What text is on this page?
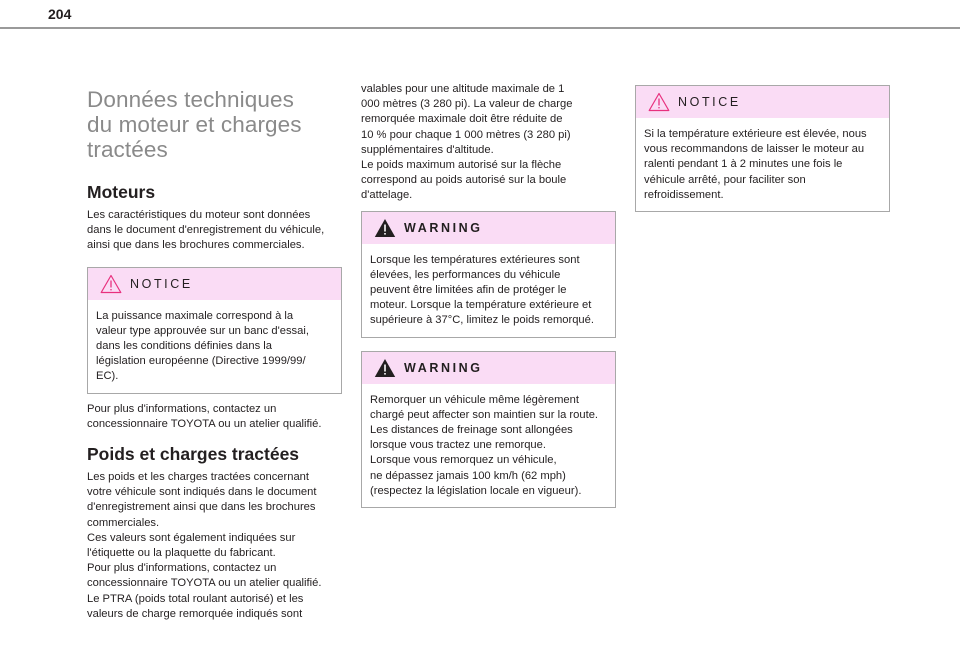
204
Données techniques
du moteur et charges
tractées
Moteurs

Les caractéristiques du moteur sont données
dans le document d'enregistrement du véhicule,
ainsi que dans les brochures commerciales.

NOTICE

La puissance maximale correspond à la
valeur type approuvée sur un banc d'essai,
dans les conditions définies dans la
législation européenne (Directive 1999/99/
EC).

Pour plus d'informations, contactez un
concessionnaire TOYOTA ou un atelier qualifié.

Poids et charges tractées

Les poids et les charges tractées concernant
votre véhicule sont indiqués dans le document
d'enregistrement ainsi que dans les brochures
commerciales.
Ces valeurs sont également indiquées sur
l'étiquette ou la plaquette du fabricant.
Pour plus d'informations, contactez un
concessionnaire TOYOTA ou un atelier qualifié.
Le PTRA (poids total roulant autorisé) et les
valeurs de charge remorquée indiqués sont

valables pour une altitude maximale de 1
000 mètres (3 280 pi). La valeur de charge
remorquée maximale doit être réduite de
10 % pour chaque 1 000 mètres (3 280 pi)
supplémentaires d'altitude.
Le poids maximum autorisé sur la flèche
correspond au poids autorisé sur la boule
d'attelage.

WARNING

Lorsque les températures extérieures sont
élevées, les performances du véhicule
peuvent être limitées afin de protéger le
moteur. Lorsque la température extérieure et
supérieure à 37°C, limitez le poids remorqué.

WARNING

Remorquer un véhicule même légèrement
chargé peut affecter son maintien sur la route.
Les distances de freinage sont allongées
lorsque vous tractez une remorque.
Lorsque vous remorquez un véhicule,
ne dépassez jamais 100 km/h (62 mph)
(respectez la législation locale en vigueur).

NOTICE

Si la température extérieure est élevée, nous
vous recommandons de laisser le moteur au
ralenti pendant 1 à 2 minutes une fois le
véhicule arrêté, pour faciliter son
refroidissement.
